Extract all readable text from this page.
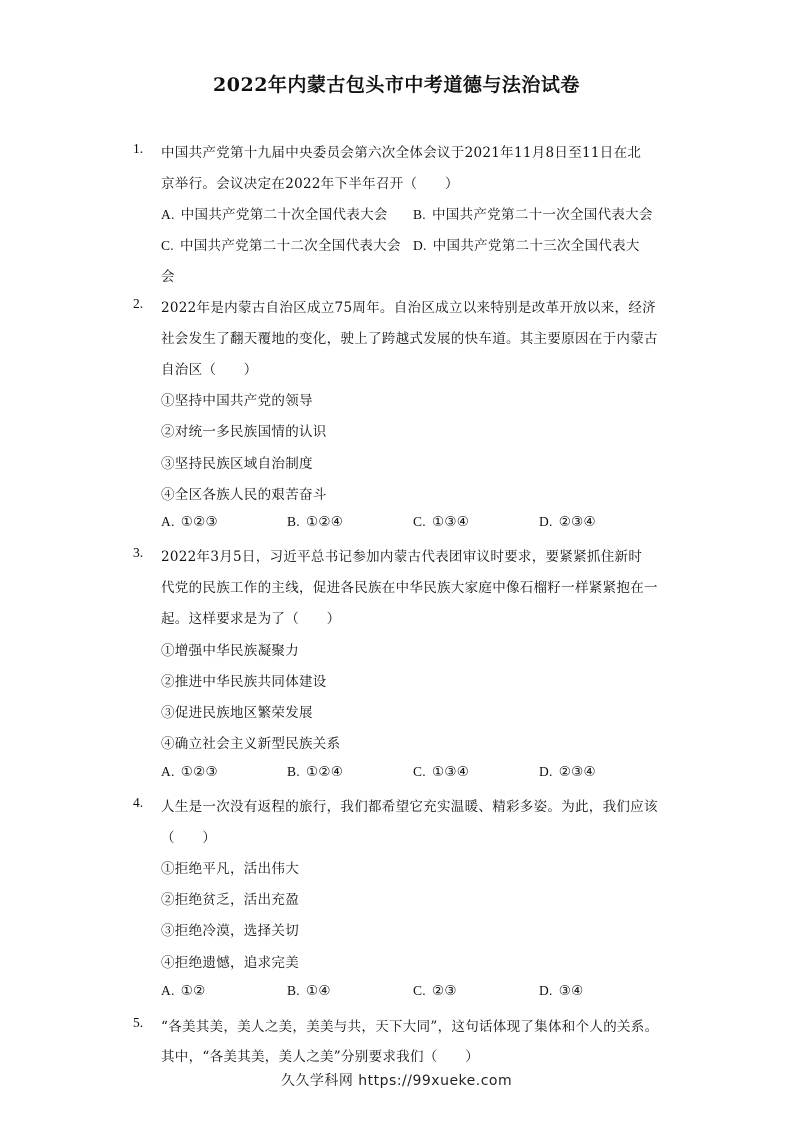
2022年内蒙古包头市中考道德与法治试卷
1. 中国共产党第十九届中央委员会第六次全体会议于2021年11月8日至11日在北
京举行。会议决定在2022年下半年召开（　　）
A. 中国共产党第二十次全国代表大会 B. 中国共产党第二十一次全国代表大会
C. 中国共产党第二十二次全国代表大会 D. 中国共产党第二十三次全国代表大
会
2. 2022年是内蒙古自治区成立75周年。自治区成立以来特别是改革开放以来，经济
社会发生了翻天覆地的变化，驶上了跨越式发展的快车道。其主要原因在于内蒙古
自治区（　　）
①坚持中国共产党的领导
②对统一多民族国情的认识
③坚持民族区域自治制度
④全区各族人民的艰苦奋斗
A. ①②③	B. ①②④	C. ①③④	D. ②③④
3. 2022年3月5日，习近平总书记参加内蒙古代表团审议时要求，要紧紧抓住新时
代党的民族工作的主线，促进各民族在中华民族大家庭中像石榴籽一样紧紧抱在一
起。这样要求是为了（　　）
①增强中华民族凝聚力
②推进中华民族共同体建设
③促进民族地区繁荣发展
④确立社会主义新型民族关系
A. ①②③	B. ①②④	C. ①③④	D. ②③④
4. 人生是一次没有返程的旅行，我们都希望它充实温暖、精彩多姿。为此，我们应该
（　　）
①拒绝平凡，活出伟大
②拒绝贫乏，活出充盈
③拒绝冷漠，选择关切
④拒绝遗憾，追求完美
A. ①②	B. ①④	C. ②③	D. ③④
5. “各美其美，美人之美，美美与共，天下大同”，这句话体现了集体和个人的关系。
其中，“各美其美，美人之美”分别要求我们（　　）
久久学科网 https://99xueke.com
